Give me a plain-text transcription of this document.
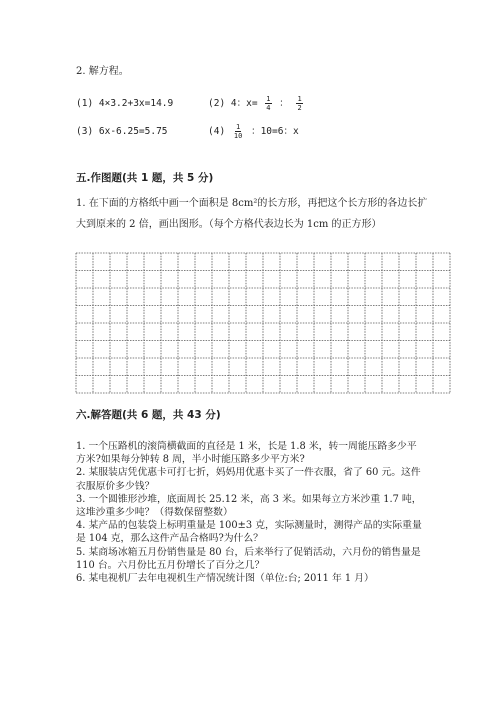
2. 解方程。
(1) 4×3.2+3x=14.9	(2) 4：$x= \frac{1}{4}$ ： $\frac{1}{2}$
(3) 6x-6.25=5.75	$(4) \frac{1}{10}$ ：10=6：x
五.作图题(共 1 题，共 5 分)
1. 在下面的方格纸中画一个面积是 8cm²的长方形，再把这个长方形的各边长扩
大到原来的 2 倍，画出图形。（每个方格代表边长为 1cm 的正方形）
六.解答题(共 6 题，共 43 分)
1. 一个压路机的滚筒横截面的直径是 1 米，长是 1.8 米，转一周能压路多少平
方米?如果每分钟转 8 周，半小时能压路多少平方米?
2. 某服装店凭优惠卡可打七折，妈妈用优惠卡买了一件衣服，省了 60 元。这件
衣服原价多少钱？
3. 一个圆锥形沙堆，底面周长 25.12 米，高 3 米。如果每立方米沙重 1.7 吨，
这堆沙重多少吨？（得数保留整数）
4. 某产品的包装袋上标明重量是 100±3 克，实际测量时，测得产品的实际重量
是 104 克，那么这件产品合格吗?为什么？
5. 某商场冰箱五月份销售量是 80 台，后来举行了促销活动，六月份的销售量是
110 台。六月份比五月份增长了百分之几？
6. 某电视机厂去年电视机生产情况统计图（单位:台; 2011 年 1 月）
